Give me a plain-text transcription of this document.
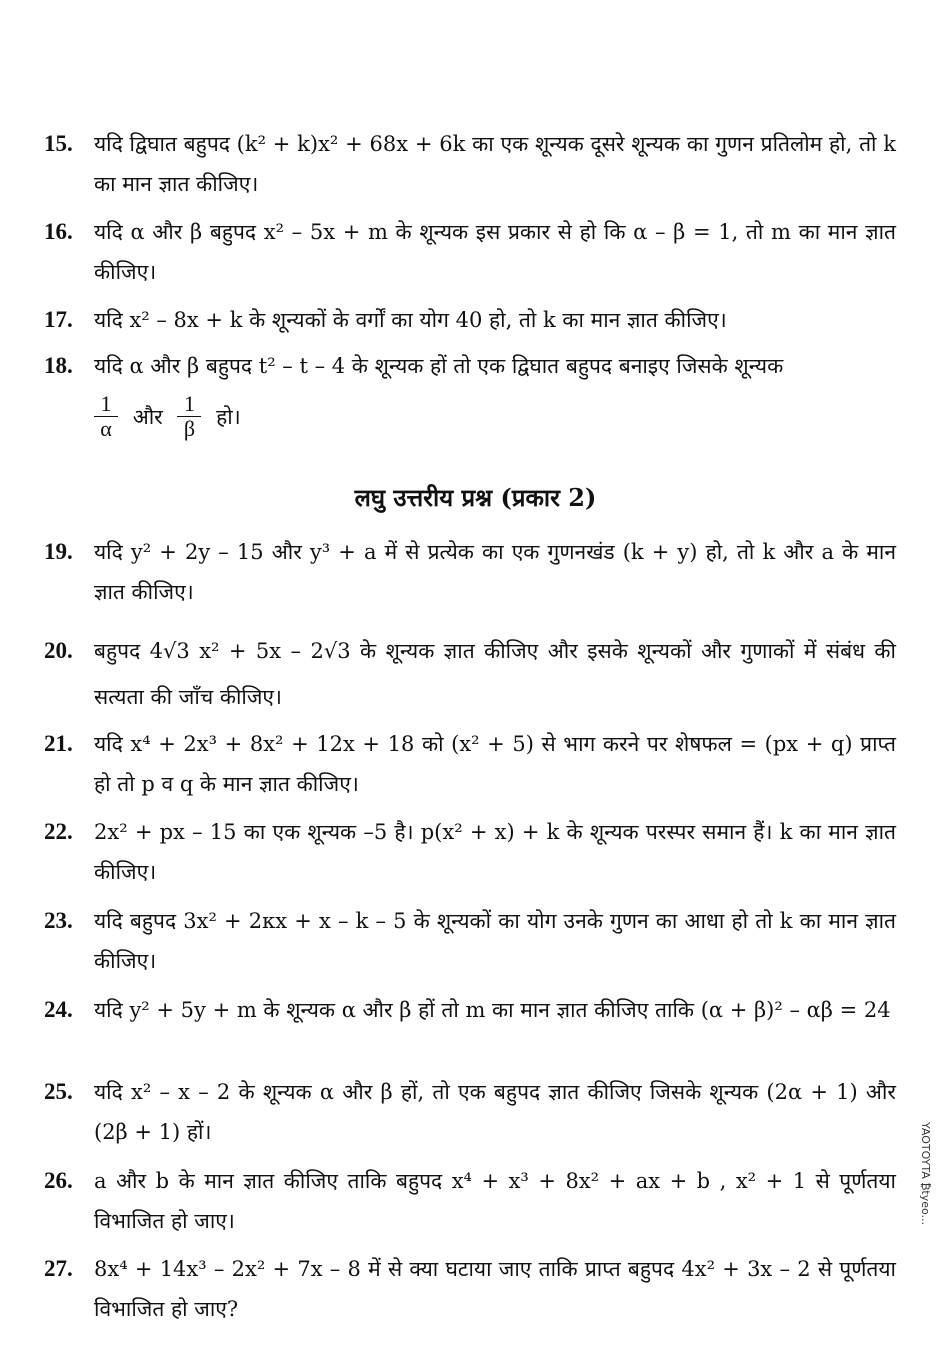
15.	यदि द्विघात बहुपद (k² + k)x² + 68x + 6k का एक शून्यक दूसरे शून्यक का गुणन प्रतिलोम हो, तो k का मान ज्ञात कीजिए।
16.	यदि α और β बहुपद x² – 5x + m के शून्यक इस प्रकार से हो कि α – β = 1, तो m का मान ज्ञात कीजिए।
17.	यदि x² – 8x + k के शून्यकों के वर्गों का योग 40 हो, तो k का मान ज्ञात कीजिए।
18.	यदि α और β बहुपद t² – t – 4 के शून्यक हों तो एक द्विघात बहुपद बनाइए जिसके शून्यक
$\frac{1}{\alpha}$ और $\frac{1}{\beta}$ हो।
लघु उत्तरीय प्रश्न (प्रकार 2)
19.	यदि y² + 2y – 15 और y³ + a में से प्रत्येक का एक गुणनखंड (k + y) हो, तो k और a के मान ज्ञात कीजिए।
20.	बहुपद 4√3 x² + 5x – 2√3 के शून्यक ज्ञात कीजिए और इसके शून्यकों और गुणाकों में संबंध की सत्यता की जाँच कीजिए।
21.	यदि x⁴ + 2x³ + 8x² + 12x + 18 को (x² + 5) से भाग करने पर शेषफल = (px + q) प्राप्त हो तो p व q के मान ज्ञात कीजिए।
22.	2x² + px – 15 का एक शून्यक –5 है। p(x² + x) + k के शून्यक परस्पर समान हैं। k का मान ज्ञात कीजिए।
23.	यदि बहुपद 3x² + 2κx + x – k – 5 के शून्यकों का योग उनके गुणन का आधा हो तो k का मान ज्ञात कीजिए।
24.	यदि y² + 5y + m के शून्यक α और β हों तो m का मान ज्ञात कीजिए ताकि (α + β)² – αβ = 24
25.	यदि x² – x – 2 के शून्यक α और β हों, तो एक बहुपद ज्ञात कीजिए जिसके शून्यक (2α + 1) और (2β + 1) हों।
26.	a और b के मान ज्ञात कीजिए ताकि बहुपद x⁴ + x³ + 8x² + ax + b , x² + 1 से पूर्णतया विभाजित हो जाए।
27.	8x⁴ + 14x³ – 2x² + 7x – 8 में से क्या घटाया जाए ताकि प्राप्त बहुपद 4x² + 3x – 2 से पूर्णतया विभाजित हो जाए?
YAOTOYTA ₿tyeo...
